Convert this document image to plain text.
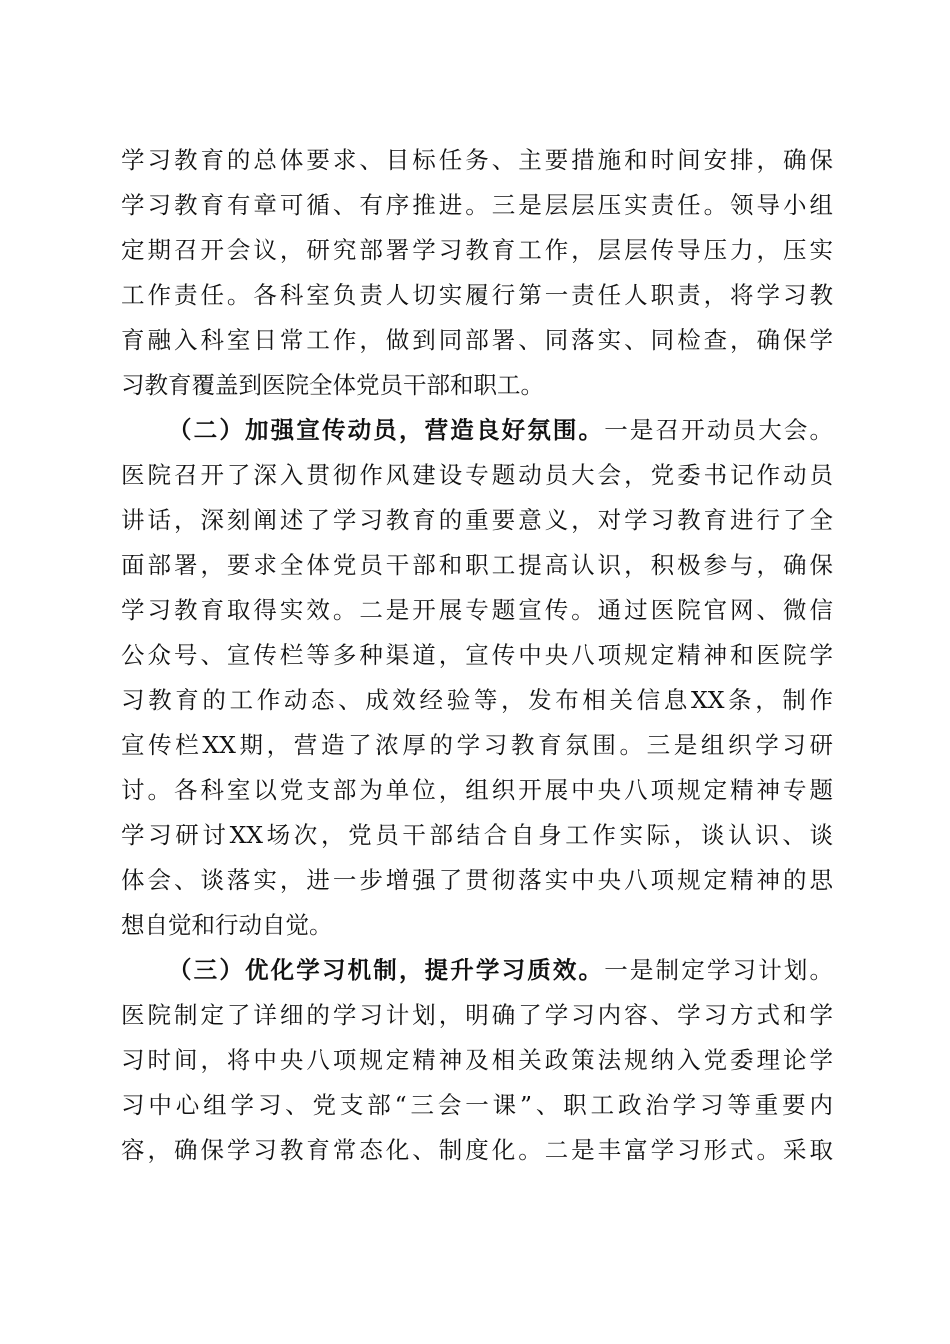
学习教育的总体要求、目标任务、主要措施和时间安排，确保
学习教育有章可循、有序推进。三是层层压实责任。领导小组
定期召开会议，研究部署学习教育工作，层层传导压力，压实
工作责任。各科室负责人切实履行第一责任人职责，将学习教
育融入科室日常工作，做到同部署、同落实、同检查，确保学
习教育覆盖到医院全体党员干部和职工。
（二）加强宣传动员，营造良好氛围。一是召开动员大会。
医院召开了深入贯彻作风建设专题动员大会，党委书记作动员
讲话，深刻阐述了学习教育的重要意义，对学习教育进行了全
面部署，要求全体党员干部和职工提高认识，积极参与，确保
学习教育取得实效。二是开展专题宣传。通过医院官网、微信
公众号、宣传栏等多种渠道，宣传中央八项规定精神和医院学
习教育的工作动态、成效经验等，发布相关信息XX条，制作
宣传栏XX期，营造了浓厚的学习教育氛围。三是组织学习研
讨。各科室以党支部为单位，组织开展中央八项规定精神专题
学习研讨XX场次，党员干部结合自身工作实际，谈认识、谈
体会、谈落实，进一步增强了贯彻落实中央八项规定精神的思
想自觉和行动自觉。
（三）优化学习机制，提升学习质效。一是制定学习计划。
医院制定了详细的学习计划，明确了学习内容、学习方式和学
习时间，将中央八项规定精神及相关政策法规纳入党委理论学
习中心组学习、党支部“三会一课”、职工政治学习等重要内
容，确保学习教育常态化、制度化。二是丰富学习形式。采取
